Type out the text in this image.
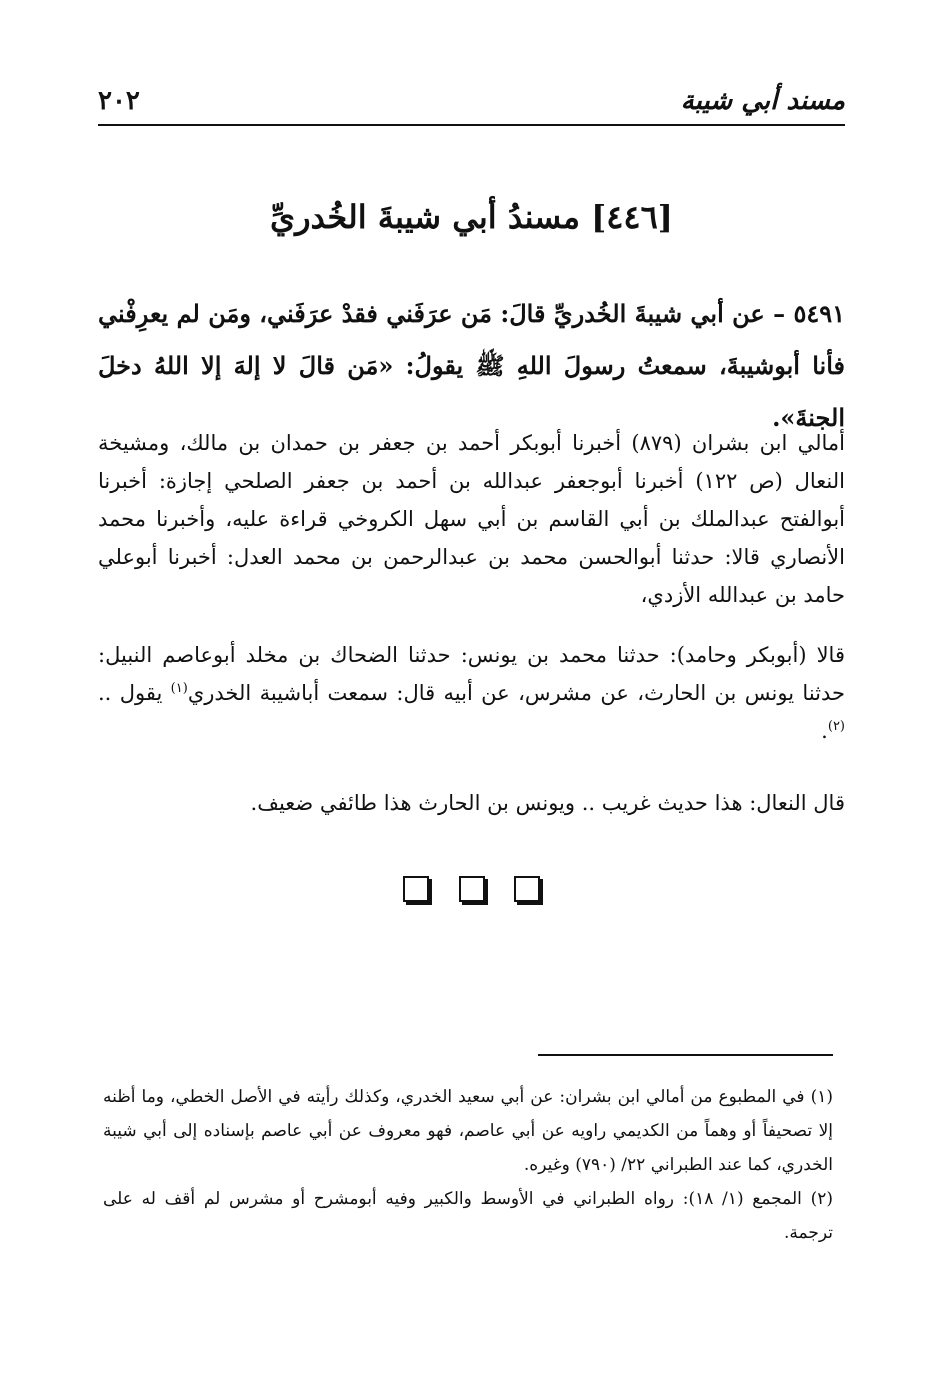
مسند أبي شيبة
٢٠٢
[٤٤٦] مسندُ أبي شيبةَ الخُدريِّ

٥٤٩١ – عن أبي شيبةَ الخُدريِّ قالَ: مَن عرَفَني فقدْ عرَفَني، ومَن لم يعرِفْني فأنا أبوشيبةَ، سمعتُ رسولَ اللهِ ﷺ يقولُ: «مَن قالَ لا إلهَ إلا اللهُ دخلَ الجنةَ».

أمالي ابن بشران (٨٧٩) أخبرنا أبوبكر أحمد بن جعفر بن حمدان بن مالك، ومشيخة النعال (ص ١٢٢) أخبرنا أبوجعفر عبدالله بن أحمد بن جعفر الصلحي إجازة: أخبرنا أبوالفتح عبدالملك بن أبي القاسم بن أبي سهل الكروخي قراءة عليه، وأخبرنا محمد الأنصاري قالا: حدثنا أبوالحسن محمد بن عبدالرحمن بن محمد العدل: أخبرنا أبوعلي حامد بن عبدالله الأزدي،

قالا (أبوبكر وحامد): حدثنا محمد بن يونس: حدثنا الضحاك بن مخلد أبوعاصم النبيل: حدثنا يونس بن الحارث، عن مشرس، عن أبيه قال: سمعت أباشيبة الخدري$^{(١)}$ يقول .. $^{(٢)}$.

قال النعال: هذا حديث غريب .. ويونس بن الحارث هذا طائفي ضعيف.

(١) في المطبوع من أمالي ابن بشران: عن أبي سعيد الخدري، وكذلك رأيته في الأصل الخطي، وما أظنه إلا تصحيفاً أو وهماً من الكديمي راويه عن أبي عاصم، فهو معروف عن أبي عاصم بإسناده إلى أبي شيبة الخدري، كما عند الطبراني ٢٢/ (٧٩٠) وغيره.

(٢) المجمع (١/ ١٨): رواه الطبراني في الأوسط والكبير وفيه أبومشرح أو مشرس لم أقف له على ترجمة.
